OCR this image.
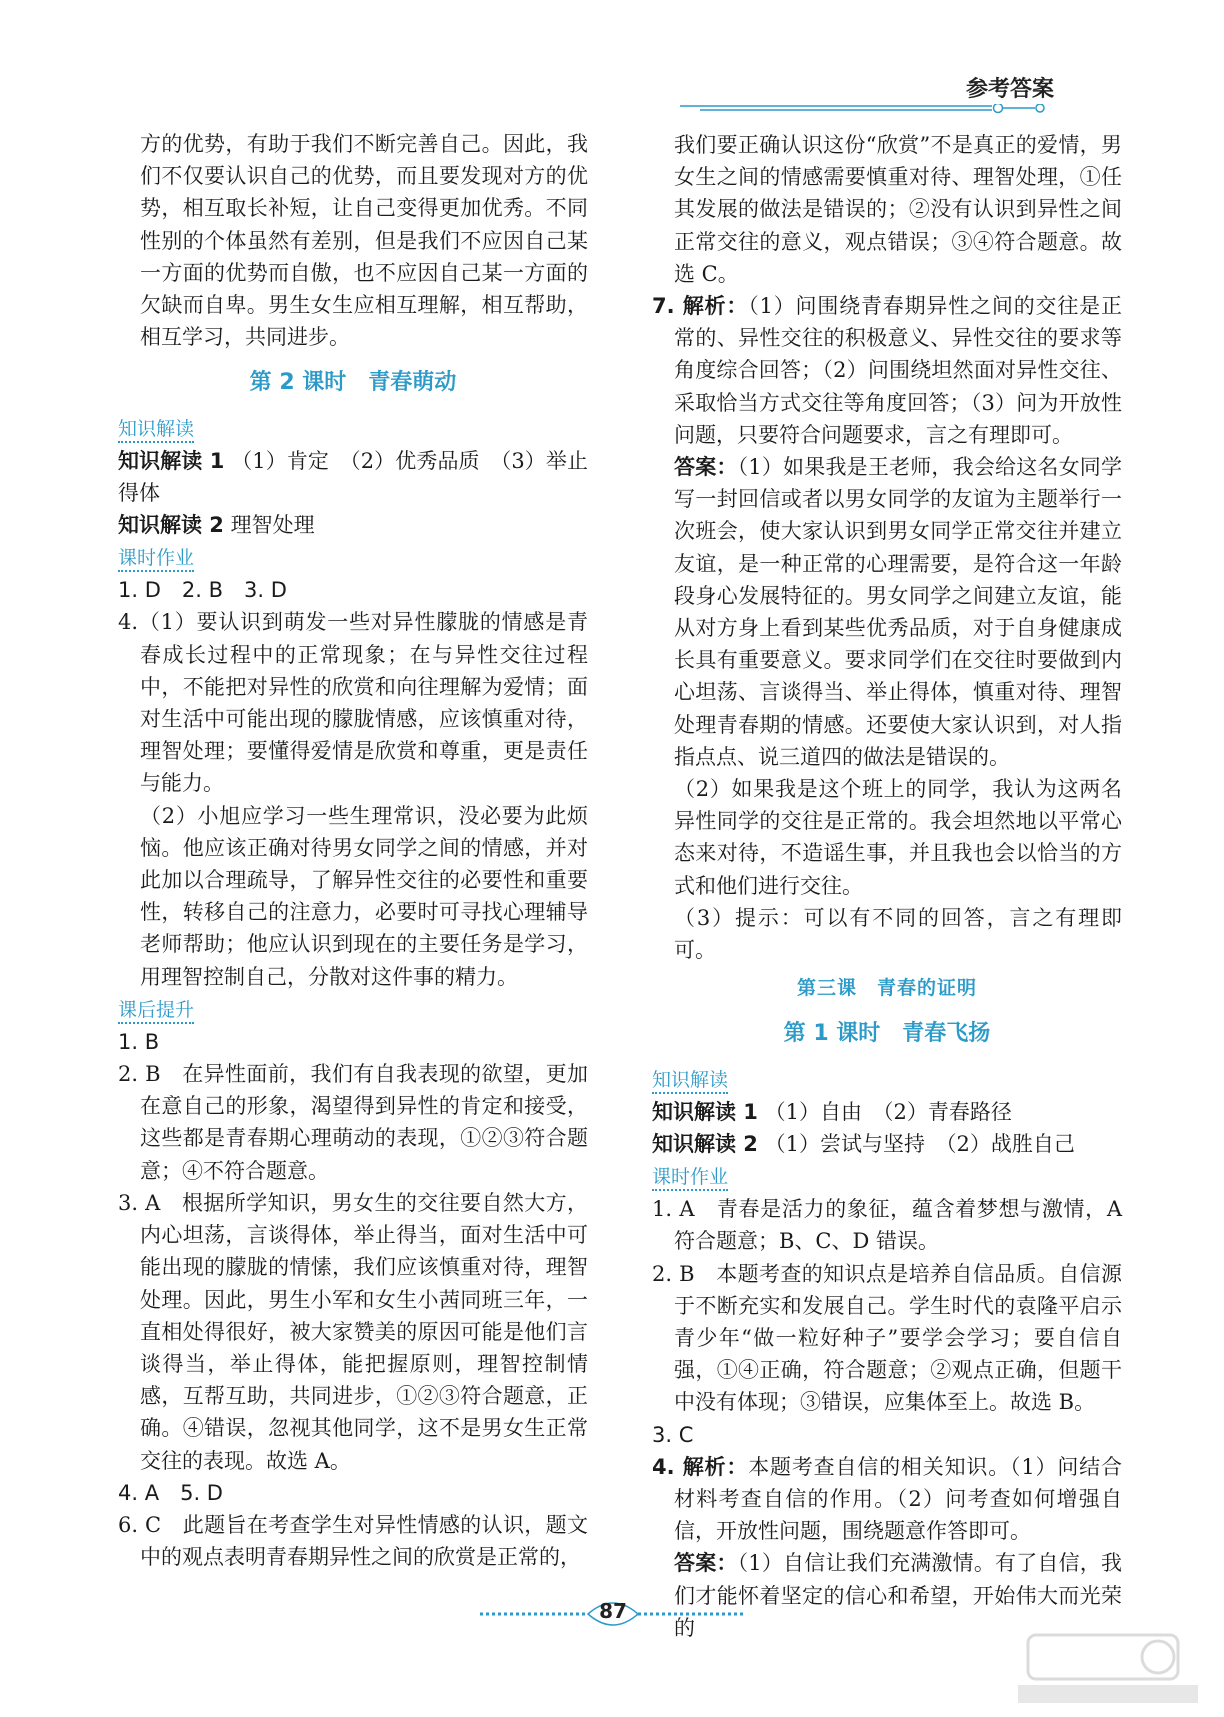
参考答案

方的优势，有助于我们不断完善自己。因此，我们不仅要认识自己的优势，而且要发现对方的优势，相互取长补短，让自己变得更加优秀。不同性别的个体虽然有差别，但是我们不应因自己某一方面的优势而自傲，也不应因自己某一方面的欠缺而自卑。男生女生应相互理解，相互帮助，相互学习，共同进步。

第 2 课时　青春萌动
知识解读

知识解读 1 （1）肯定　（2）优秀品质　（3）举止得体

知识解读 2 理智处理

课时作业

1. D　2. B　3. D

4.（1）要认识到萌发一些对异性朦胧的情感是青春成长过程中的正常现象；在与异性交往过程中，不能把对异性的欣赏和向往理解为爱情；面对生活中可能出现的朦胧情感，应该慎重对待，理智处理；要懂得爱情是欣赏和尊重，更是责任与能力。

（2）小旭应学习一些生理常识，没必要为此烦恼。他应该正确对待男女同学之间的情感，并对此加以合理疏导，了解异性交往的必要性和重要性，转移自己的注意力，必要时可寻找心理辅导老师帮助；他应认识到现在的主要任务是学习，用理智控制自己，分散对这件事的精力。

课后提升

1. B

2. B　在异性面前，我们有自我表现的欲望，更加在意自己的形象，渴望得到异性的肯定和接受，这些都是青春期心理萌动的表现，①②③符合题意；④不符合题意。

3. A　根据所学知识，男女生的交往要自然大方，内心坦荡，言谈得体，举止得当，面对生活中可能出现的朦胧的情愫，我们应该慎重对待，理智处理。因此，男生小军和女生小茜同班三年，一直相处得很好，被大家赞美的原因可能是他们言谈得当，举止得体，能把握原则，理智控制情感，互帮互助，共同进步，①②③符合题意，正确。④错误，忽视其他同学，这不是男女生正常交往的表现。故选 A。

4. A　5. D

6. C　此题旨在考查学生对异性情感的认识，题文中的观点表明青春期异性之间的欣赏是正常的，

我们要正确认识这份“欣赏”不是真正的爱情，男女生之间的情感需要慎重对待、理智处理，①任其发展的做法是错误的；②没有认识到异性之间正常交往的意义，观点错误；③④符合题意。故选 C。

7. 解析：（1）问围绕青春期异性之间的交往是正常的、异性交往的积极意义、异性交往的要求等角度综合回答；（2）问围绕坦然面对异性交往、采取恰当方式交往等角度回答；（3）问为开放性问题，只要符合问题要求，言之有理即可。

答案：（1）如果我是王老师，我会给这名女同学写一封回信或者以男女同学的友谊为主题举行一次班会，使大家认识到男女同学正常交往并建立友谊，是一种正常的心理需要，是符合这一年龄段身心发展特征的。男女同学之间建立友谊，能从对方身上看到某些优秀品质，对于自身健康成长具有重要意义。要求同学们在交往时要做到内心坦荡、言谈得当、举止得体，慎重对待、理智处理青春期的情感。还要使大家认识到，对人指指点点、说三道四的做法是错误的。

（2）如果我是这个班上的同学，我认为这两名异性同学的交往是正常的。我会坦然地以平常心态来对待，不造谣生事，并且我也会以恰当的方式和他们进行交往。

（3）提示：可以有不同的回答，言之有理即可。

第三课　青春的证明
第 1 课时　青春飞扬
知识解读

知识解读 1 （1）自由　（2）青春路径

知识解读 2 （1）尝试与坚持　（2）战胜自己

课时作业

1. A　青春是活力的象征，蕴含着梦想与激情，A 符合题意；B、C、D 错误。

2. B　本题考查的知识点是培养自信品质。自信源于不断充实和发展自己。学生时代的袁隆平启示青少年“做一粒好种子”要学会学习；要自信自强，①④正确，符合题意；②观点正确，但题干中没有体现；③错误，应集体至上。故选 B。

3. C

4. 解析：本题考查自信的相关知识。（1）问结合材料考查自信的作用。（2）问考查如何增强自信，开放性问题，围绕题意作答即可。

答案：（1）自信让我们充满激情。有了自信，我们才能怀着坚定的信心和希望，开始伟大而光荣的

87
